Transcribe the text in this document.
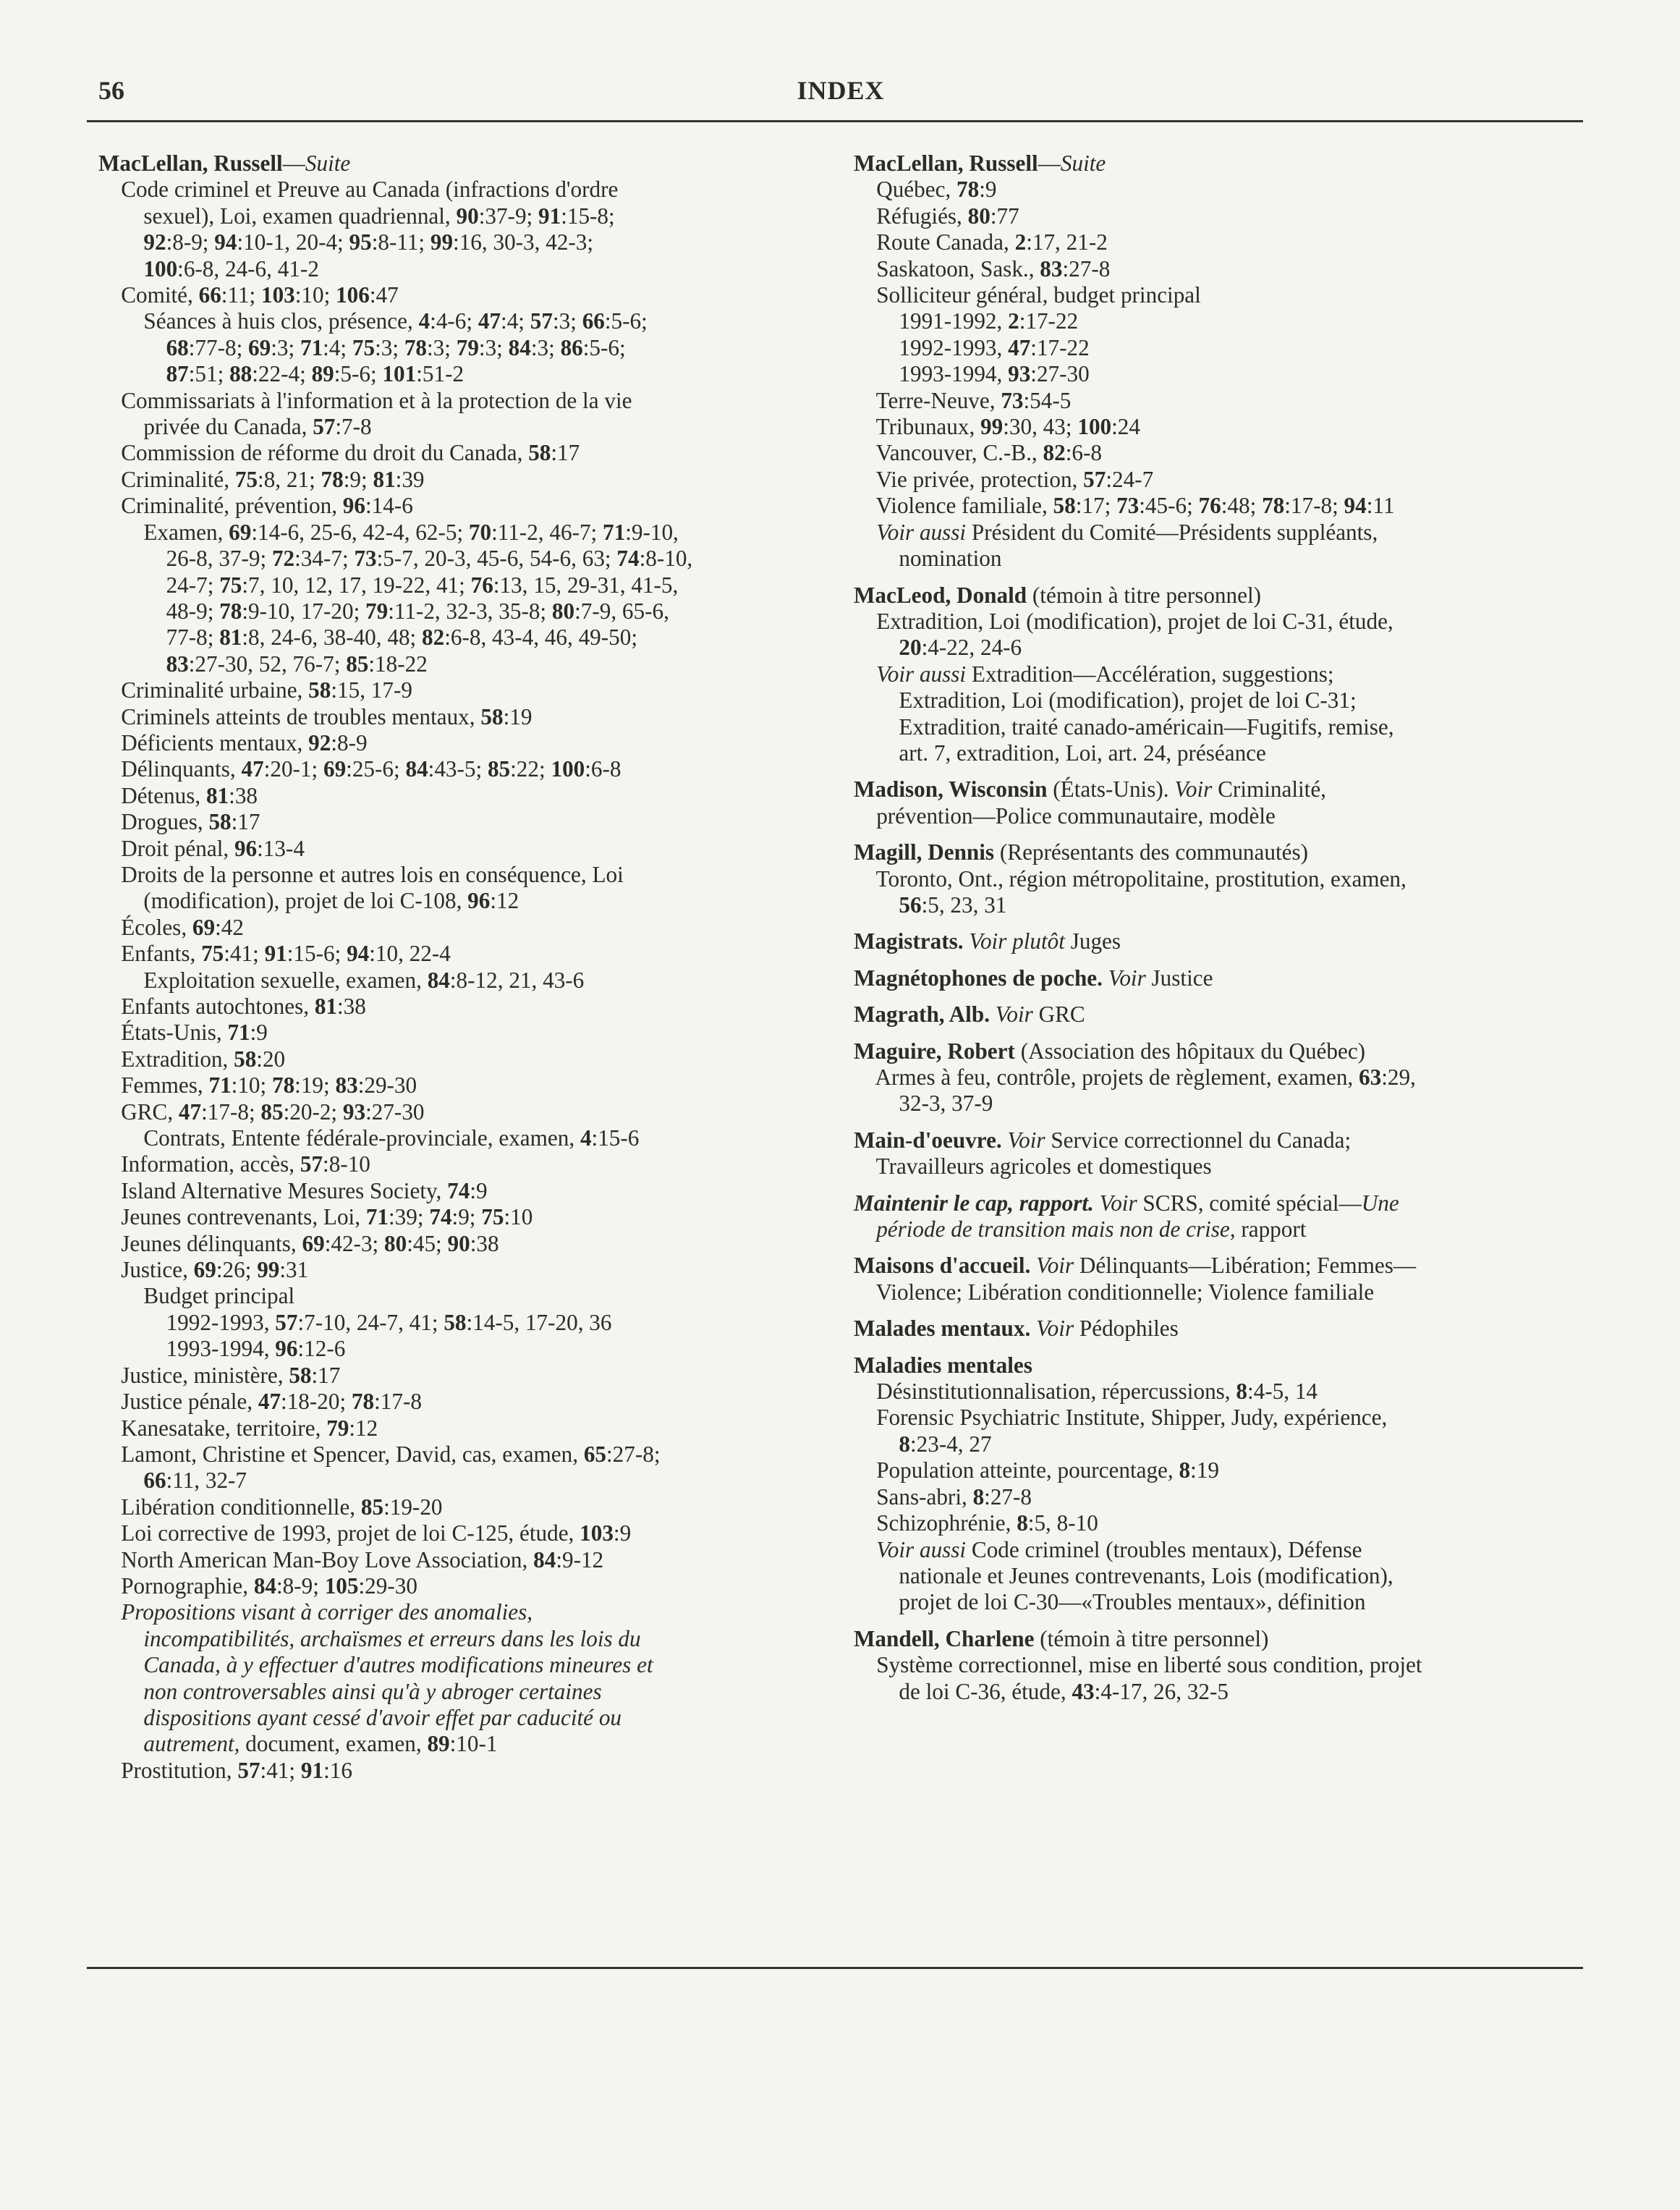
56	INDEX
MacLellan, Russell—Suite
Code criminel et Preuve au Canada (infractions d'ordre
sexuel), Loi, examen quadriennal, 90:37-9; 91:15-8;
92:8-9; 94:10-1, 20-4; 95:8-11; 99:16, 30-3, 42-3;
100:6-8, 24-6, 41-2
Comité, 66:11; 103:10; 106:47
Séances à huis clos, présence, 4:4-6; 47:4; 57:3; 66:5-6;
68:77-8; 69:3; 71:4; 75:3; 78:3; 79:3; 84:3; 86:5-6;
87:51; 88:22-4; 89:5-6; 101:51-2
Commissariats à l'information et à la protection de la vie
privée du Canada, 57:7-8
Commission de réforme du droit du Canada, 58:17
Criminalité, 75:8, 21; 78:9; 81:39
Criminalité, prévention, 96:14-6
Examen, 69:14-6, 25-6, 42-4, 62-5; 70:11-2, 46-7; 71:9-10,
26-8, 37-9; 72:34-7; 73:5-7, 20-3, 45-6, 54-6, 63; 74:8-10,
24-7; 75:7, 10, 12, 17, 19-22, 41; 76:13, 15, 29-31, 41-5,
48-9; 78:9-10, 17-20; 79:11-2, 32-3, 35-8; 80:7-9, 65-6,
77-8; 81:8, 24-6, 38-40, 48; 82:6-8, 43-4, 46, 49-50;
83:27-30, 52, 76-7; 85:18-22
Criminalité urbaine, 58:15, 17-9
Criminels atteints de troubles mentaux, 58:19
Déficients mentaux, 92:8-9
Délinquants, 47:20-1; 69:25-6; 84:43-5; 85:22; 100:6-8
Détenus, 81:38
Drogues, 58:17
Droit pénal, 96:13-4
Droits de la personne et autres lois en conséquence, Loi
(modification), projet de loi C-108, 96:12
Écoles, 69:42
Enfants, 75:41; 91:15-6; 94:10, 22-4
Exploitation sexuelle, examen, 84:8-12, 21, 43-6
Enfants autochtones, 81:38
États-Unis, 71:9
Extradition, 58:20
Femmes, 71:10; 78:19; 83:29-30
GRC, 47:17-8; 85:20-2; 93:27-30
Contrats, Entente fédérale-provinciale, examen, 4:15-6
Information, accès, 57:8-10
Island Alternative Mesures Society, 74:9
Jeunes contrevenants, Loi, 71:39; 74:9; 75:10
Jeunes délinquants, 69:42-3; 80:45; 90:38
Justice, 69:26; 99:31
Budget principal
1992-1993, 57:7-10, 24-7, 41; 58:14-5, 17-20, 36
1993-1994, 96:12-6
Justice, ministère, 58:17
Justice pénale, 47:18-20; 78:17-8
Kanesatake, territoire, 79:12
Lamont, Christine et Spencer, David, cas, examen, 65:27-8;
66:11, 32-7
Libération conditionnelle, 85:19-20
Loi corrective de 1993, projet de loi C-125, étude, 103:9
North American Man-Boy Love Association, 84:9-12
Pornographie, 84:8-9; 105:29-30
Propositions visant à corriger des anomalies,
incompatibilités, archaïsmes et erreurs dans les lois du
Canada, à y effectuer d'autres modifications mineures et
non controversables ainsi qu'à y abroger certaines
dispositions ayant cessé d'avoir effet par caducité ou
autrement, document, examen, 89:10-1
Prostitution, 57:41; 91:16
MacLellan, Russell—Suite
Québec, 78:9
Réfugiés, 80:77
Route Canada, 2:17, 21-2
Saskatoon, Sask., 83:27-8
Solliciteur général, budget principal
1991-1992, 2:17-22
1992-1993, 47:17-22
1993-1994, 93:27-30
Terre-Neuve, 73:54-5
Tribunaux, 99:30, 43; 100:24
Vancouver, C.-B., 82:6-8
Vie privée, protection, 57:24-7
Violence familiale, 58:17; 73:45-6; 76:48; 78:17-8; 94:11
Voir aussi Président du Comité—Présidents suppléants,
nomination
MacLeod, Donald (témoin à titre personnel)
Extradition, Loi (modification), projet de loi C-31, étude,
20:4-22, 24-6
Voir aussi Extradition—Accélération, suggestions;
Extradition, Loi (modification), projet de loi C-31;
Extradition, traité canado-américain—Fugitifs, remise,
art. 7, extradition, Loi, art. 24, préséance
Madison, Wisconsin (États-Unis). Voir Criminalité,
prévention—Police communautaire, modèle
Magill, Dennis (Représentants des communautés)
Toronto, Ont., région métropolitaine, prostitution, examen,
56:5, 23, 31
Magistrats. Voir plutôt Juges
Magnétophones de poche. Voir Justice
Magrath, Alb. Voir GRC
Maguire, Robert (Association des hôpitaux du Québec)
Armes à feu, contrôle, projets de règlement, examen, 63:29,
32-3, 37-9
Main-d'oeuvre. Voir Service correctionnel du Canada;
Travailleurs agricoles et domestiques
Maintenir le cap, rapport. Voir SCRS, comité spécial—Une
période de transition mais non de crise, rapport
Maisons d'accueil. Voir Délinquants—Libération; Femmes—
Violence; Libération conditionnelle; Violence familiale
Malades mentaux. Voir Pédophiles
Maladies mentales
Désinstitutionnalisation, répercussions, 8:4-5, 14
Forensic Psychiatric Institute, Shipper, Judy, expérience,
8:23-4, 27
Population atteinte, pourcentage, 8:19
Sans-abri, 8:27-8
Schizophrénie, 8:5, 8-10
Voir aussi Code criminel (troubles mentaux), Défense
nationale et Jeunes contrevenants, Lois (modification),
projet de loi C-30—«Troubles mentaux», définition
Mandell, Charlene (témoin à titre personnel)
Système correctionnel, mise en liberté sous condition, projet
de loi C-36, étude, 43:4-17, 26, 32-5
